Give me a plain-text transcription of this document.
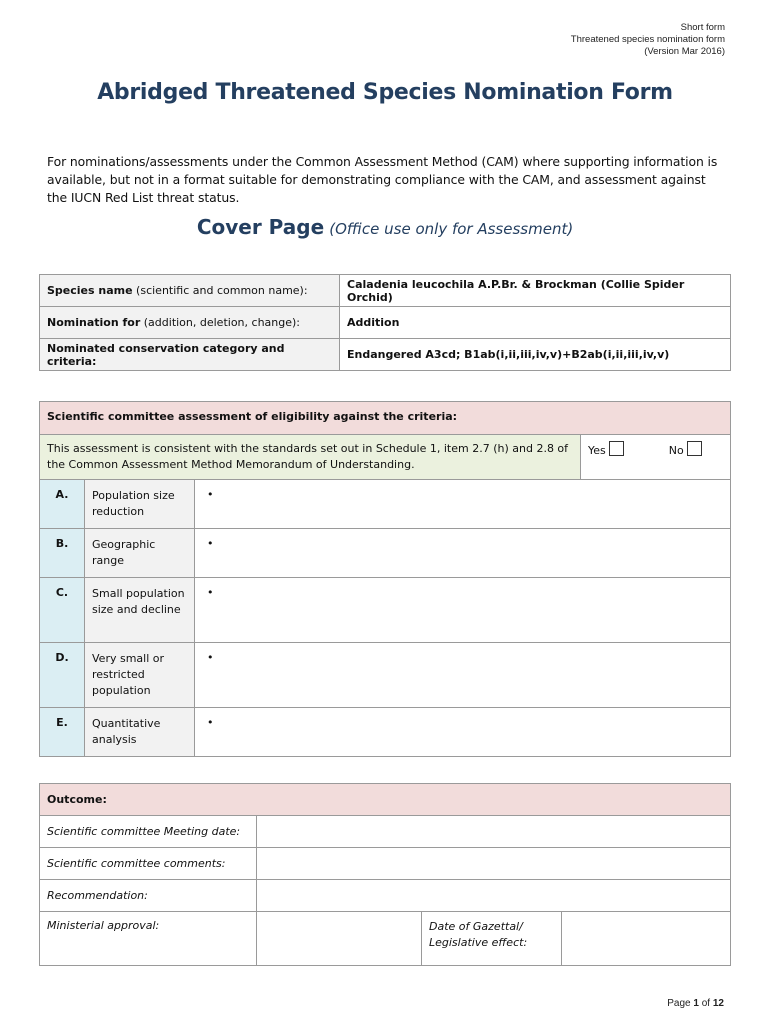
Short form
Threatened species nomination form
(Version Mar 2016)
Abridged Threatened Species Nomination Form
For nominations/assessments under the Common Assessment Method (CAM) where supporting information is available, but not in a format suitable for demonstrating compliance with the CAM, and assessment against the IUCN Red List threat status.
Cover Page (Office use only for Assessment)
Species name (scientific and common name):	Caladenia leucochila A.P.Br. & Brockman (Collie Spider Orchid)
Nomination for (addition, deletion, change):	Addition
Nominated conservation category and criteria:	Endangered A3cd; B1ab(i,ii,iii,iv,v)+B2ab(i,ii,iii,iv,v)
Scientific committee assessment of eligibility against the criteria:			
This assessment is consistent with the standards set out in Schedule 1, item 2.7 (h) and 2.8 of the Common Assessment Method Memorandum of Understanding.			Yes No
A.	Population size reduction	•	
B.	Geographic range	•	
C.	Small population size and decline	•	
D.	Very small or restricted population	•	
E.	Quantitative analysis	•	
Outcome:			
Scientific committee Meeting date:			
Scientific committee comments:			
Recommendation:			
Ministerial approval:		Date of Gazettal/ Legislative effect:	
Page 1 of 12
